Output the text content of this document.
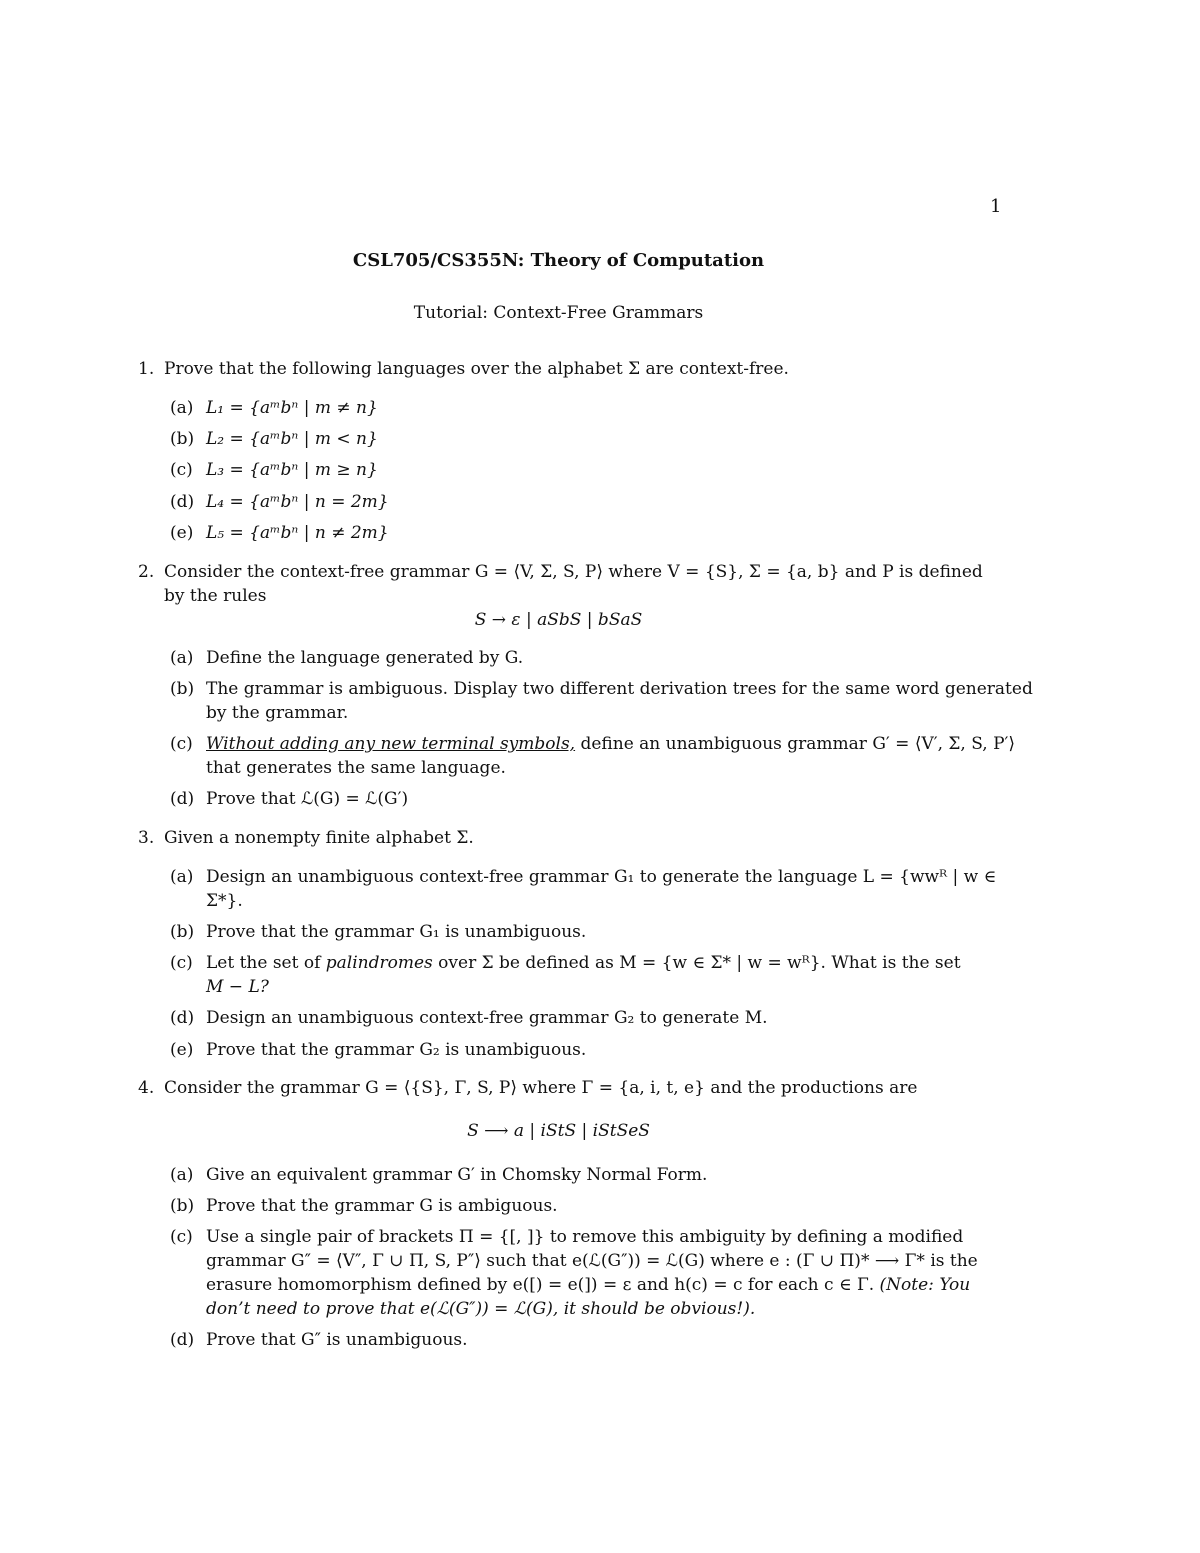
1
CSL705/CS355N: Theory of Computation
Tutorial: Context-Free Grammars
1. Prove that the following languages over the alphabet Σ are context-free.
(a) L₁ = {aᵐbⁿ | m ≠ n}
(b) L₂ = {aᵐbⁿ | m < n}
(c) L₃ = {aᵐbⁿ | m ≥ n}
(d) L₄ = {aᵐbⁿ | n = 2m}
(e) L₅ = {aᵐbⁿ | n ≠ 2m}
2. Consider the context-free grammar G = ⟨V, Σ, S, P⟩ where V = {S}, Σ = {a, b} and P is defined
by the rules
S → ε | aSbS | bSaS
(a) Define the language generated by G.
(b) The grammar is ambiguous. Display two different derivation trees for the same word generated
by the grammar.
(c) Without adding any new terminal symbols, define an unambiguous grammar G′ = ⟨V′, Σ, S, P′⟩
that generates the same language.
(d) Prove that ℒ(G) = ℒ(G′)
3. Given a nonempty finite alphabet Σ.
(a) Design an unambiguous context-free grammar G₁ to generate the language L = {wwᴿ | w ∈
Σ*}.
(b) Prove that the grammar G₁ is unambiguous.
(c) Let the set of palindromes over Σ be defined as M = {w ∈ Σ* | w = wᴿ}. What is the set
M − L?
(d) Design an unambiguous context-free grammar G₂ to generate M.
(e) Prove that the grammar G₂ is unambiguous.
4. Consider the grammar G = ⟨{S}, Γ, S, P⟩ where Γ = {a, i, t, e} and the productions are
S ⟶ a | iStS | iStSeS
(a) Give an equivalent grammar G′ in Chomsky Normal Form.
(b) Prove that the grammar G is ambiguous.
(c) Use a single pair of brackets Π = {[, ]} to remove this ambiguity by defining a modified
grammar G″ = ⟨V″, Γ ∪ Π, S, P″⟩ such that e(ℒ(G″)) = ℒ(G) where e : (Γ ∪ Π)* ⟶ Γ* is the
erasure homomorphism defined by e([) = e(]) = ε and h(c) = c for each c ∈ Γ. (Note: You
don’t need to prove that e(ℒ(G″)) = ℒ(G), it should be obvious!).
(d) Prove that G″ is unambiguous.
